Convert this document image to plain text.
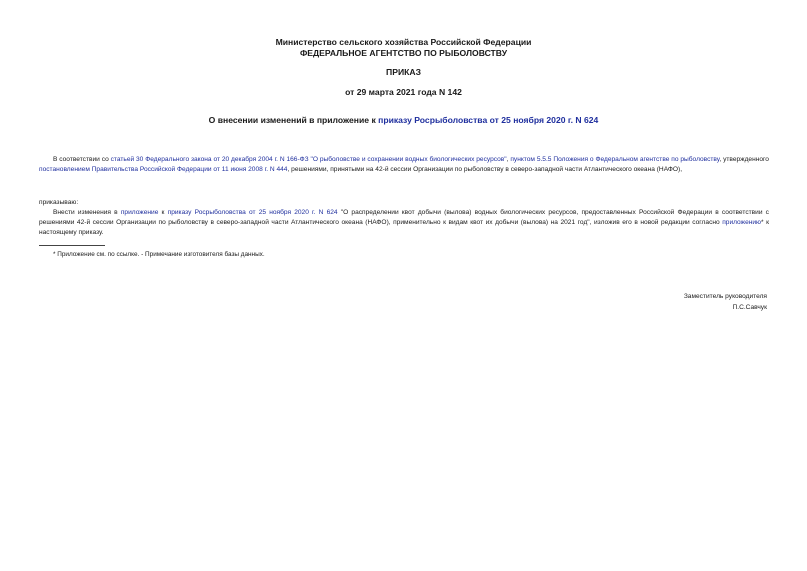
Министерство сельского хозяйства Российской Федерации
ФЕДЕРАЛЬНОЕ АГЕНТСТВО ПО РЫБОЛОВСТВУ
ПРИКАЗ
от 29 марта 2021 года N 142
О внесении изменений в приложение к приказу Росрыболовства от 25 ноября 2020 г. N 624
В соответствии со статьей 30 Федерального закона от 20 декабря 2004 г. N 166-ФЗ "О рыболовстве и сохранении водных биологических ресурсов", пунктом 5.5.5 Положения о Федеральном агентстве по рыболовству, утвержденного постановлением Правительства Российской Федерации от 11 июня 2008 г. N 444, решениями, принятыми на 42-й сессии Организации по рыболовству в северо-западной части Атлантического океана (НАФО),
приказываю:
Внести изменения в приложение к приказу Росрыболовства от 25 ноября 2020 г. N 624 "О распределении квот добычи (вылова) водных биологических ресурсов, предоставленных Российской Федерации в соответствии с решениями 42-й сессии Организации по рыболовству в северо-западной части Атлантического океана (НАФО), применительно к видам квот их добычи (вылова) на 2021 год", изложив его в новой редакции согласно приложению* к настоящему приказу.
* Приложение см. по ссылке. - Примечание изготовителя базы данных.
Заместитель руководителя
П.С.Савчук
